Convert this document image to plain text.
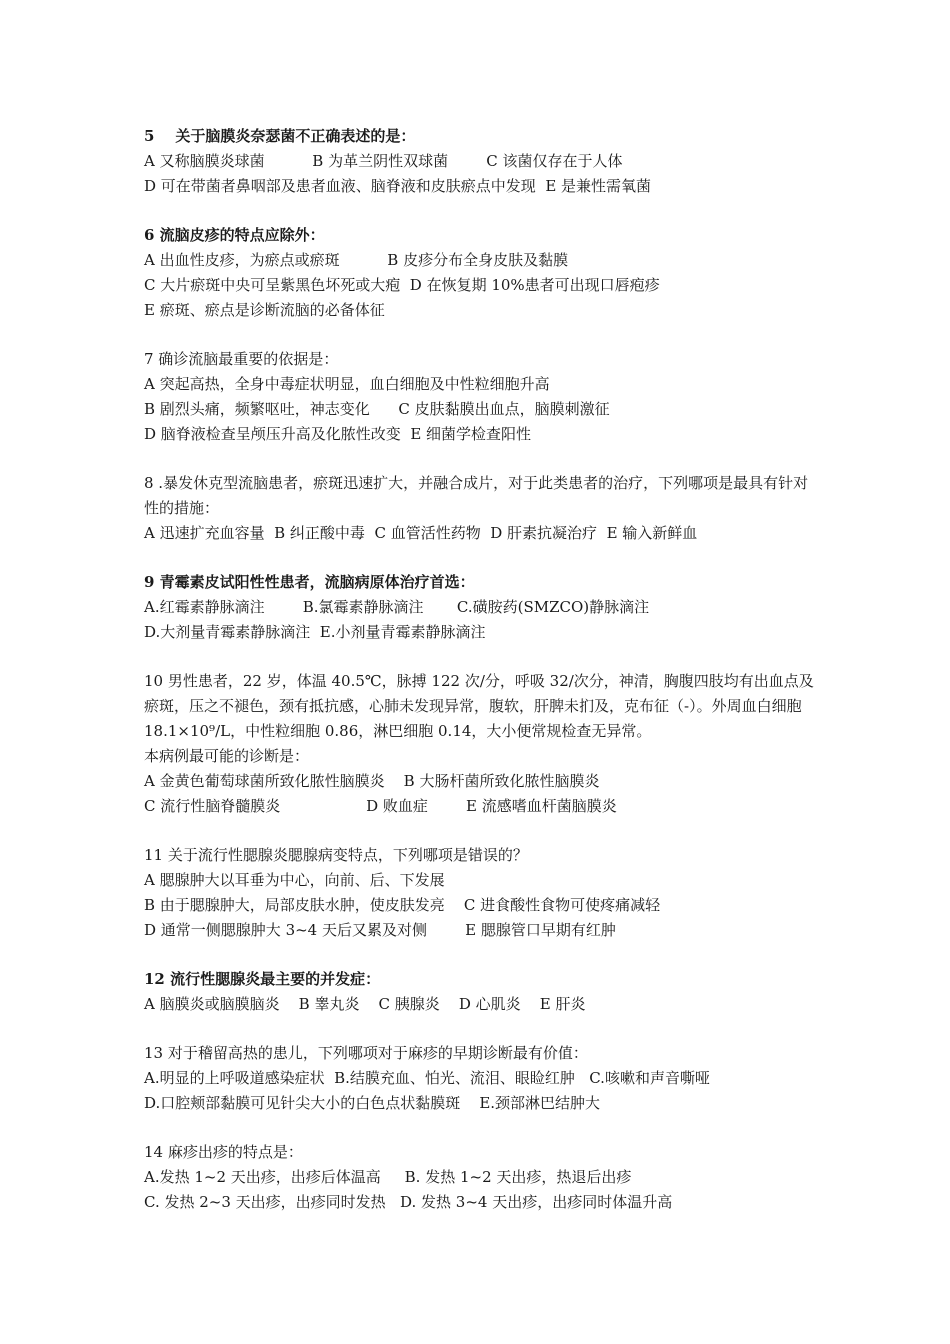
5    关于脑膜炎奈瑟菌不正确表述的是：
A 又称脑膜炎球菌          B 为革兰阴性双球菌        C 该菌仅存在于人体
D 可在带菌者鼻咽部及患者血液、脑脊液和皮肤瘀点中发现  E 是兼性需氧菌
6 流脑皮疹的特点应除外：
A 出血性皮疹，为瘀点或瘀斑          B 皮疹分布全身皮肤及黏膜
C 大片瘀斑中央可呈紫黑色坏死或大疱  D 在恢复期 10%患者可出现口唇疱疹
E 瘀斑、瘀点是诊断流脑的必备体征
7 确诊流脑最重要的依据是：
A 突起高热，全身中毒症状明显，血白细胞及中性粒细胞升高
B 剧烈头痛，频繁呕吐，神志变化      C 皮肤黏膜出血点，脑膜刺激征
D 脑脊液检查呈颅压升高及化脓性改变  E 细菌学检查阳性
8 .暴发休克型流脑患者，瘀斑迅速扩大，并融合成片，对于此类患者的治疗，下列哪项是最具有针对性的措施：
A 迅速扩充血容量  B 纠正酸中毒  C 血管活性药物  D 肝素抗凝治疗  E 输入新鲜血
9 青霉素皮试阳性性患者，流脑病原体治疗首选：
A.红霉素静脉滴注        B.氯霉素静脉滴注       C.磺胺药(SMZCO)静脉滴注
D.大剂量青霉素静脉滴注  E.小剂量青霉素静脉滴注
10 男性患者，22 岁，体温 40.5℃，脉搏 122 次/分，呼吸 32/次分，神清，胸腹四肢均有出血点及瘀斑，压之不褪色，颈有抵抗感，心肺未发现异常，腹软，肝脾未扪及，克布征（-）。外周血白细胞 18.1×10⁹/L，中性粒细胞 0.86，淋巴细胞 0.14，大小便常规检查无异常。
本病例最可能的诊断是：
A 金黄色葡萄球菌所致化脓性脑膜炎    B 大肠杆菌所致化脓性脑膜炎
C 流行性脑脊髓膜炎                  D 败血症        E 流感嗜血杆菌脑膜炎
11 关于流行性腮腺炎腮腺病变特点，下列哪项是错误的？
A 腮腺肿大以耳垂为中心，向前、后、下发展
B 由于腮腺肿大，局部皮肤水肿，使皮肤发亮    C 进食酸性食物可使疼痛减轻
D 通常一侧腮腺肿大 3~4 天后又累及对侧        E 腮腺管口早期有红肿
12 流行性腮腺炎最主要的并发症：
A 脑膜炎或脑膜脑炎    B 睾丸炎    C 胰腺炎    D 心肌炎    E 肝炎
13 对于稽留高热的患儿，下列哪项对于麻疹的早期诊断最有价值：
A.明显的上呼吸道感染症状  B.结膜充血、怕光、流泪、眼睑红肿   C.咳嗽和声音嘶哑
D.口腔颊部黏膜可见针尖大小的白色点状黏膜斑    E.颈部淋巴结肿大
14 麻疹出疹的特点是：
A.发热 1~2 天出疹，出疹后体温高     B. 发热 1~2 天出疹，热退后出疹
C. 发热 2~3 天出疹，出疹同时发热   D. 发热 3~4 天出疹，出疹同时体温升高
